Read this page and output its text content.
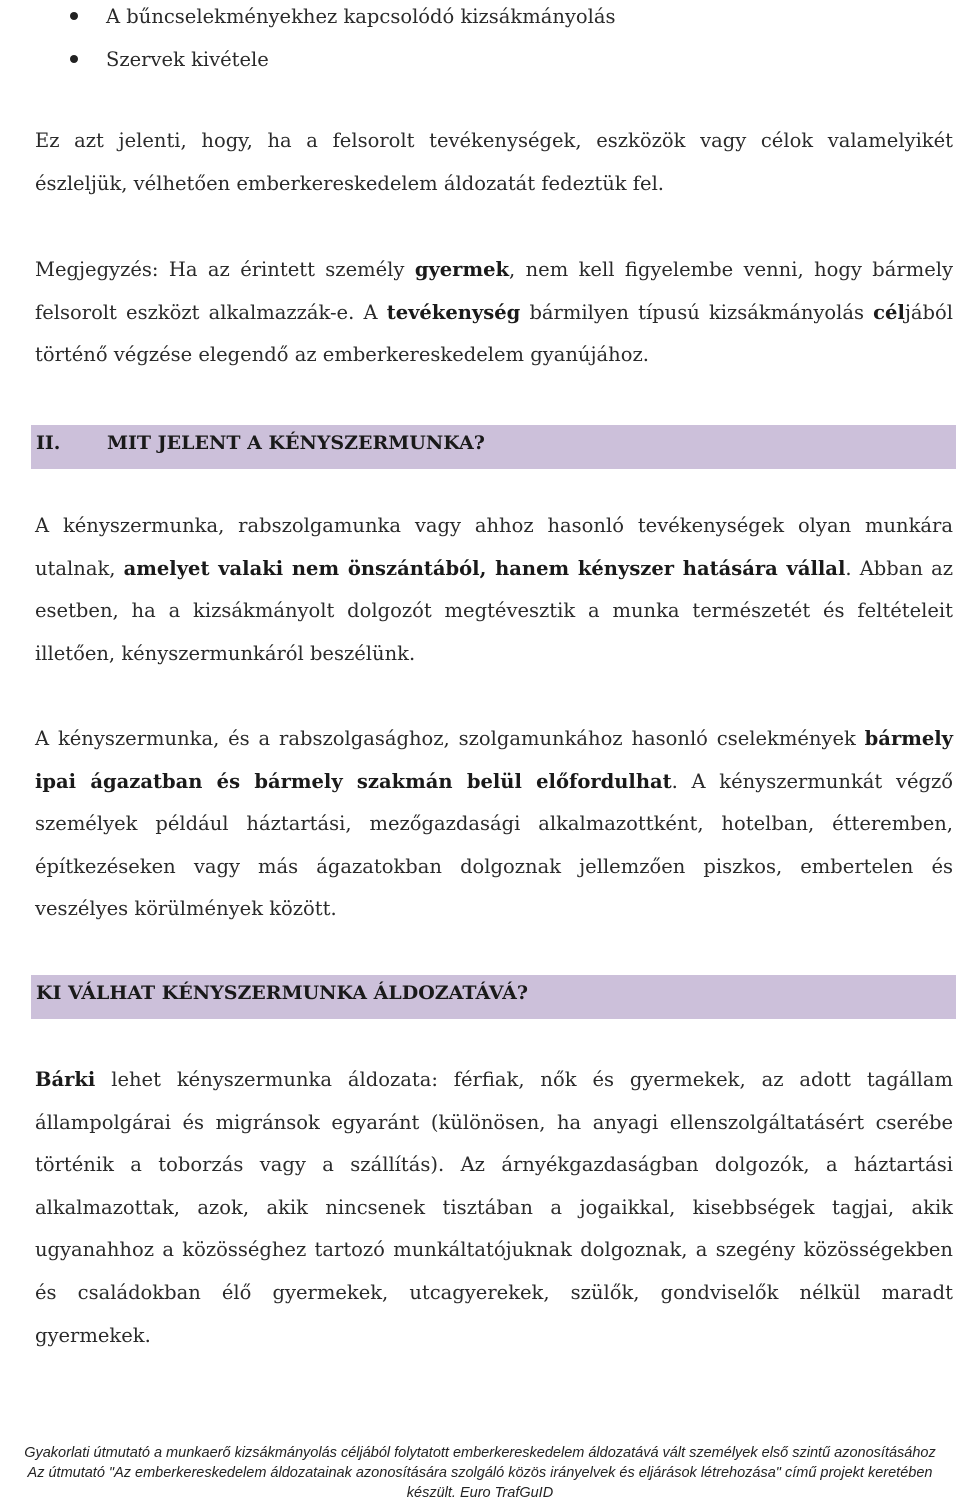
A bűncselekményekhez kapcsolódó kizsákmányolás
Szervek kivétele

Ez azt jelenti, hogy, ha a felsorolt tevékenységek, eszközök vagy célok valamelyikét észleljük, vélhetően emberkereskedelem áldozatát fedeztük fel.

Megjegyzés: Ha az érintett személy gyermek, nem kell figyelembe venni, hogy bármely felsorolt eszközt alkalmazzák-e. A tevékenység bármilyen típusú kizsákmányolás céljából történő végzése elegendő az emberkereskedelem gyanújához.

II. MIT JELENT A KÉNYSZERMUNKA?

A kényszermunka, rabszolgamunka vagy ahhoz hasonló tevékenységek olyan munkára utalnak, amelyet valaki nem önszántából, hanem kényszer hatására vállal. Abban az esetben, ha a kizsákmányolt dolgozót megtévesztik a munka természetét és feltételeit illetően, kényszermunkáról beszélünk.

A kényszermunka, és a rabszolgasághoz, szolgamunkához hasonló cselekmények bármely ipai ágazatban és bármely szakmán belül előfordulhat. A kényszermunkát végző személyek például háztartási, mezőgazdasági alkalmazottként, hotelban, étteremben, építkezéseken vagy más ágazatokban dolgoznak jellemzően piszkos, embertelen és veszélyes körülmények között.

KI VÁLHAT KÉNYSZERMUNKA ÁLDOZATÁVÁ?

Bárki lehet kényszermunka áldozata: férfiak, nők és gyermekek, az adott tagállam állampolgárai és migránsok egyaránt (különösen, ha anyagi ellenszolgáltatásért cserébe történik a toborzás vagy a szállítás). Az árnyékgazdaságban dolgozók, a háztartási alkalmazottak, azok, akik nincsenek tisztában a jogaikkal, kisebbségek tagjai, akik ugyanahhoz a közösséghez tartozó munkáltatójuknak dolgoznak, a szegény közösségekben és családokban élő gyermekek, utcagyerekek, szülők, gondviselők nélkül maradt gyermekek.

Gyakorlati útmutató a munkaerő kizsákmányolás céljából folytatott emberkereskedelem áldozatává vált személyek első szintű azonosításához
Az útmutató "Az emberkereskedelem áldozatainak azonosítására szolgáló közös irányelvek és eljárások létrehozása" című projekt keretében
készült. Euro TrafGuID
